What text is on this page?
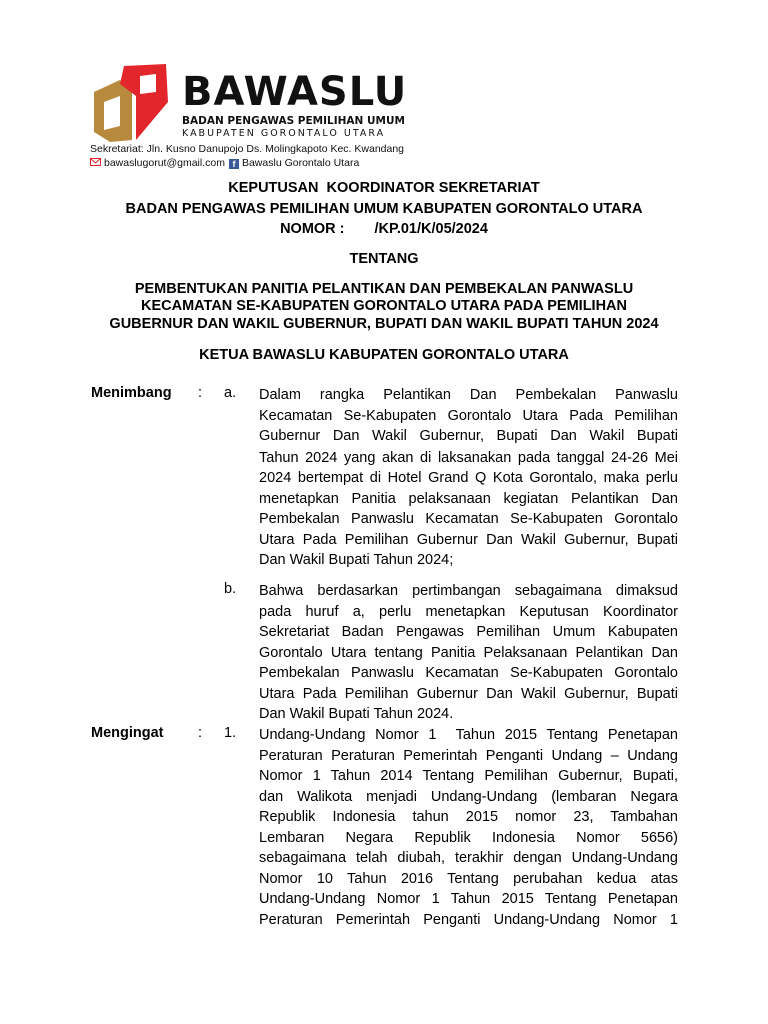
BAWASLU
BADAN PENGAWAS PEMILIHAN UMUM
KABUPATEN GORONTALO UTARA
Sekretariat: Jln. Kusno Danupojo Ds. Molingkapoto Kec. Kwandang
bawaslugorut@gmail.com f Bawaslu Gorontalo Utara
KEPUTUSAN  KOORDINATOR SEKRETARIAT
BADAN PENGAWAS PEMILIHAN UMUM KABUPATEN GORONTALO UTARA
NOMOR : /KP.01/K/05/2024
TENTANG
PEMBENTUKAN PANITIA PELANTIKAN DAN PEMBEKALAN PANWASLU
KECAMATAN SE-KABUPATEN GORONTALO UTARA PADA PEMILIHAN
GUBERNUR DAN WAKIL GUBERNUR, BUPATI DAN WAKIL BUPATI TAHUN 2024
KETUA BAWASLU KABUPATEN GORONTALO UTARA
Menimbang : a. Dalam rangka Pelantikan Dan Pembekalan Panwaslu
Kecamatan Se-Kabupaten Gorontalo Utara Pada Pemilihan
Gubernur Dan Wakil Gubernur, Bupati Dan Wakil Bupati
Tahun 2024 yang akan di laksanakan pada tanggal 24-26 Mei
2024 bertempat di Hotel Grand Q Kota Gorontalo, maka perlu
menetapkan Panitia pelaksanaan kegiatan Pelantikan Dan
Pembekalan Panwaslu Kecamatan Se-Kabupaten Gorontalo
Utara Pada Pemilihan Gubernur Dan Wakil Gubernur, Bupati
Dan Wakil Bupati Tahun 2024;
b. Bahwa berdasarkan pertimbangan sebagaimana dimaksud
pada huruf a, perlu menetapkan Keputusan Koordinator
Sekretariat Badan Pengawas Pemilihan Umum Kabupaten
Gorontalo Utara tentang Panitia Pelaksanaan Pelantikan Dan
Pembekalan Panwaslu Kecamatan Se-Kabupaten Gorontalo
Utara Pada Pemilihan Gubernur Dan Wakil Gubernur, Bupati
Dan Wakil Bupati Tahun 2024.
Mengingat : 1. Undang-Undang Nomor 1  Tahun 2015 Tentang Penetapan
Peraturan Peraturan Pemerintah Penganti Undang – Undang
Nomor 1 Tahun 2014 Tentang Pemilihan Gubernur, Bupati,
dan Walikota menjadi Undang-Undang (lembaran Negara
Republik Indonesia tahun 2015 nomor 23, Tambahan
Lembaran Negara Republik Indonesia Nomor 5656)
sebagaimana telah diubah, terakhir dengan Undang-Undang
Nomor 10 Tahun 2016 Tentang perubahan kedua atas
Undang-Undang Nomor 1 Tahun 2015 Tentang Penetapan
Peraturan Pemerintah Penganti Undang-Undang Nomor 1
